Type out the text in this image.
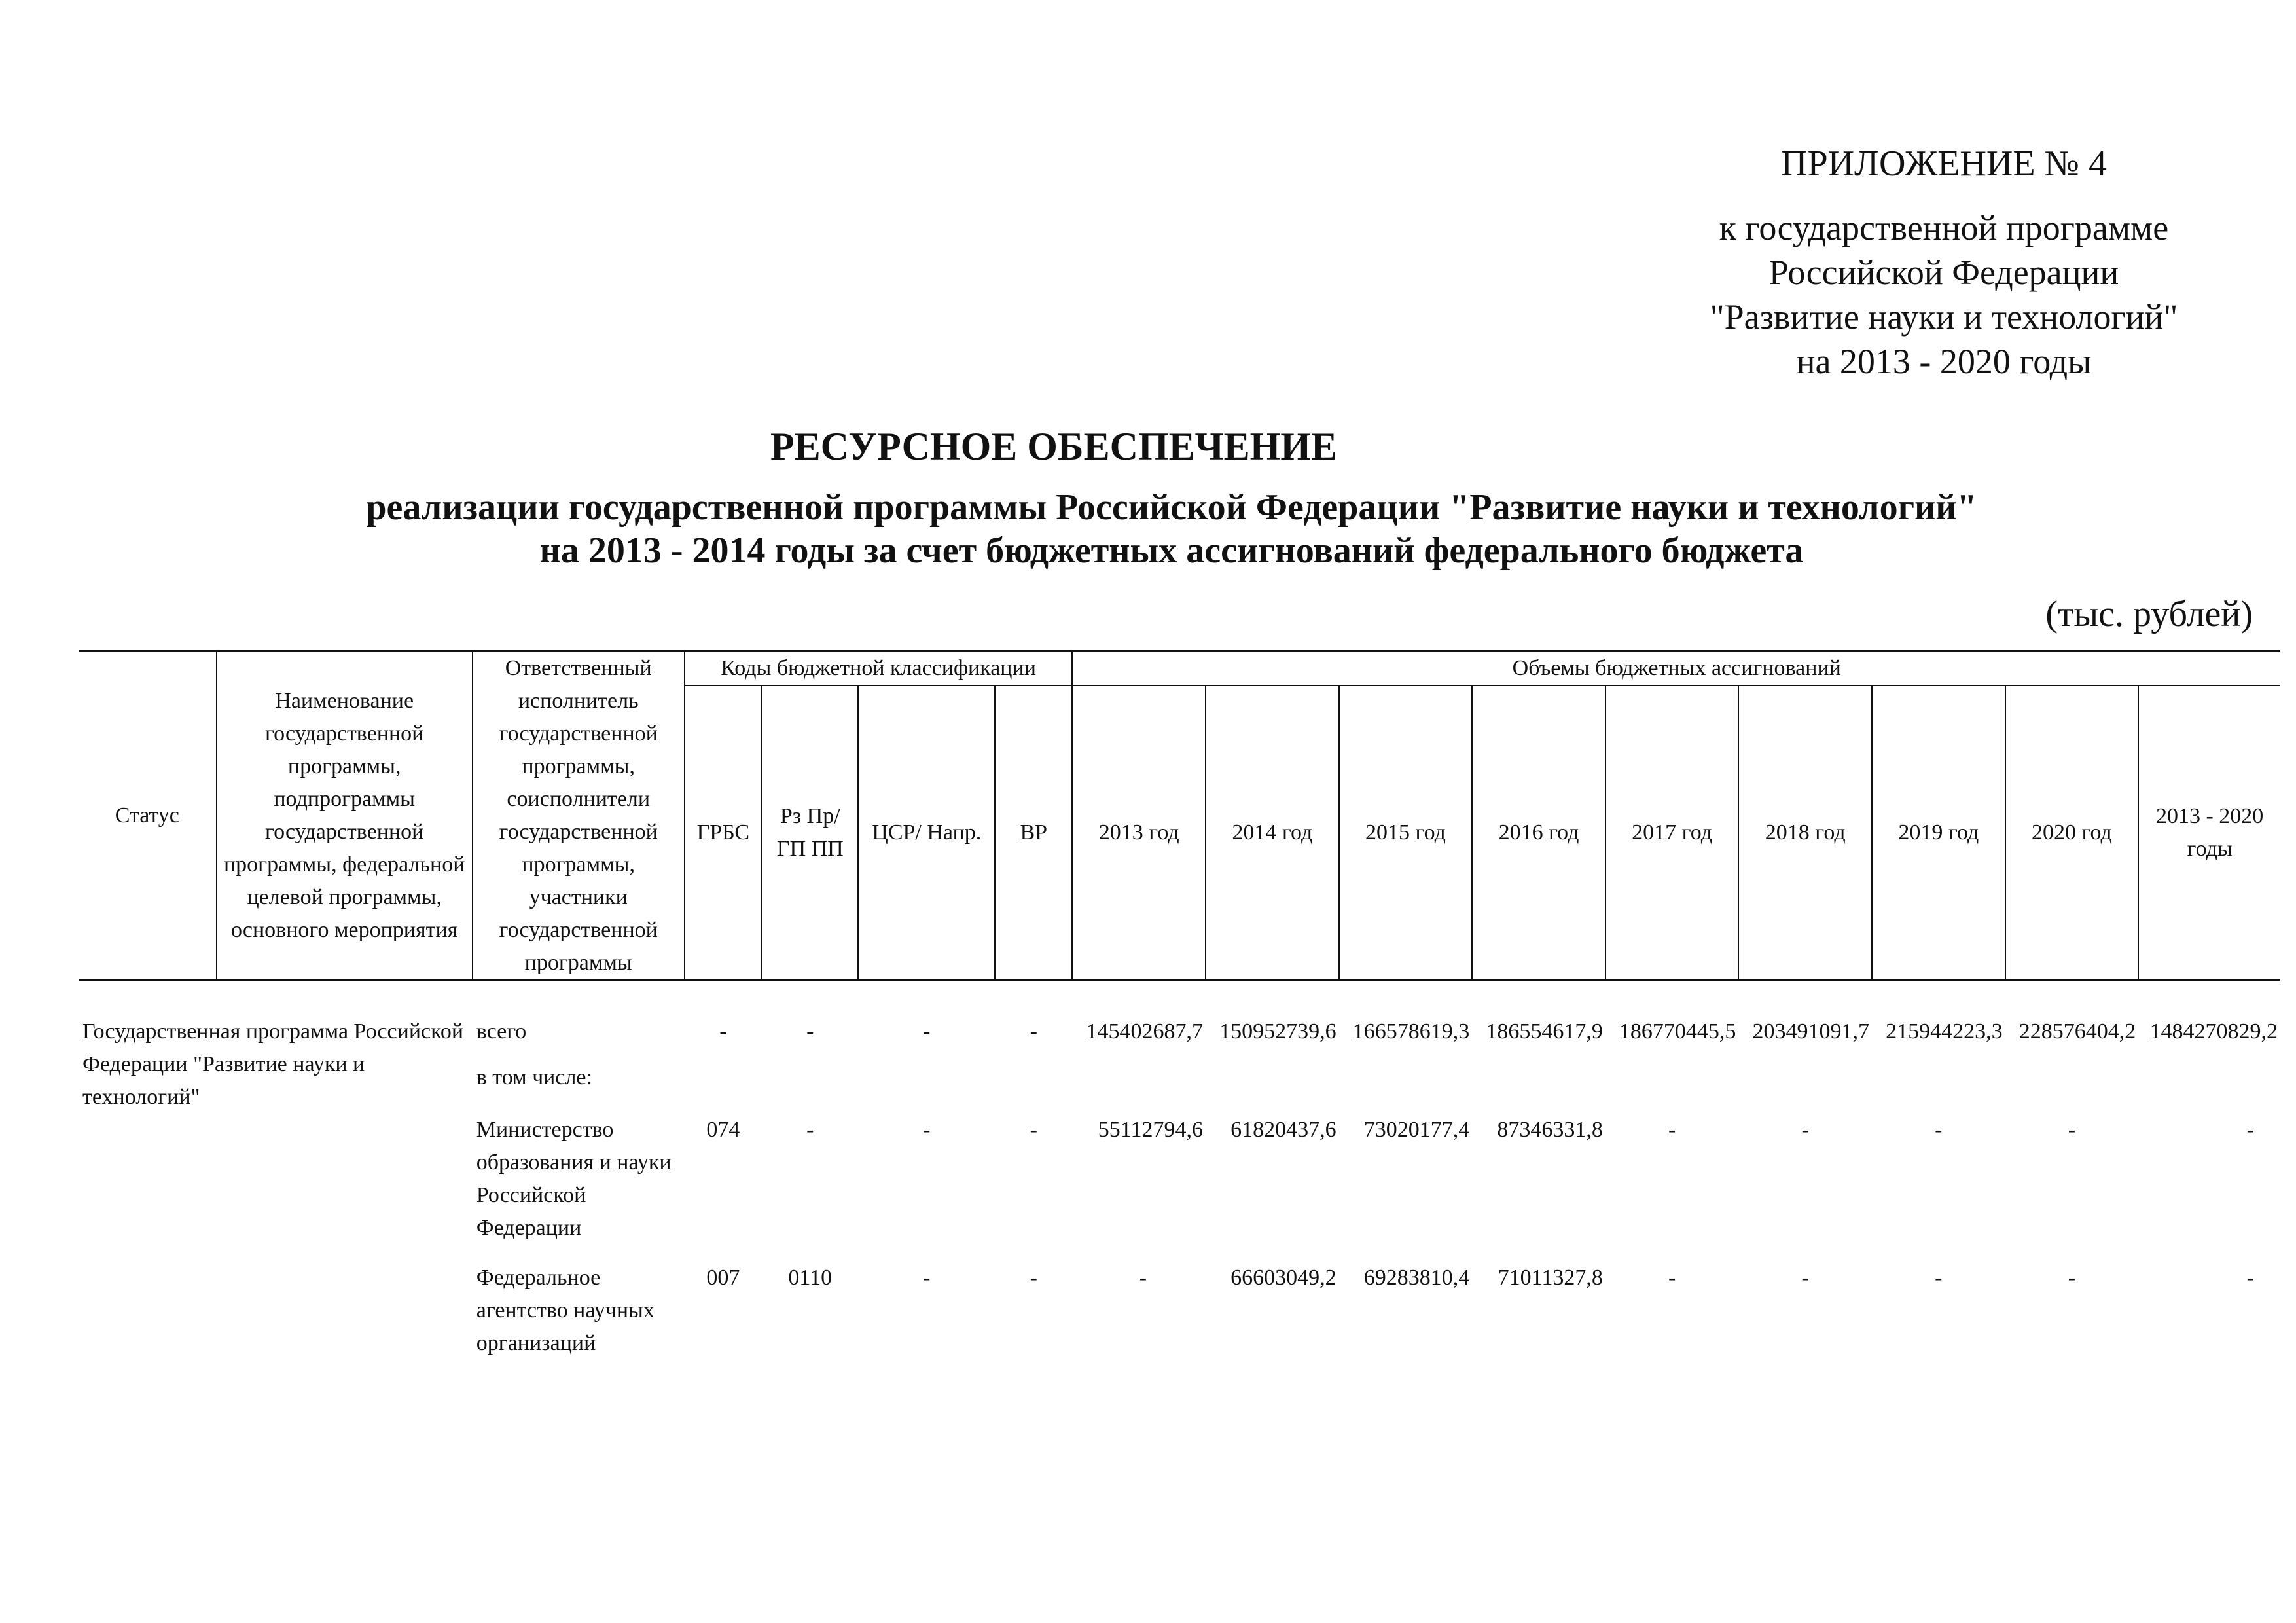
ПРИЛОЖЕНИЕ № 4
к государственной программе
Российской Федерации
"Развитие науки и технологий"
на 2013 - 2020 годы
РЕСУРСНОЕ ОБЕСПЕЧЕНИЕ
реализации государственной программы Российской Федерации "Развитие науки и технологий"
на 2013 - 2014 годы за счет бюджетных ассигнований федерального бюджета
(тыс. рублей)
Статус	Наименование государственной программы, подпрограммы государственной программы, федеральной целевой программы, основного мероприятия	Ответственный исполнитель государственной программы, соисполнители государственной программы, участники государственной программы	Коды бюджетной классификации				Объемы бюджетных ассигнований								
			ГРБС	Рз Пр/ ГП ПП	ЦСР/ Напр.	ВР	2013 год	2014 год	2015 год	2016 год	2017 год	2018 год	2019 год	2020 год	2013 - 2020 годы

Государственная программа Российской Федерации "Развитие науки и технологий"		всего	-	-	-	-	145402687,7	150952739,6	166578619,3	186554617,9	186770445,5	203491091,7	215944223,3	228576404,2	1484270829,2
		в том числе:													
		Министерство образования и науки Российской Федерации	074	-	-	-	55112794,6	61820437,6	73020177,4	87346331,8	-	-	-	-	-
		Федеральное агентство научных организаций	007	0110	-	-	-	66603049,2	69283810,4	71011327,8	-	-	-	-	-
